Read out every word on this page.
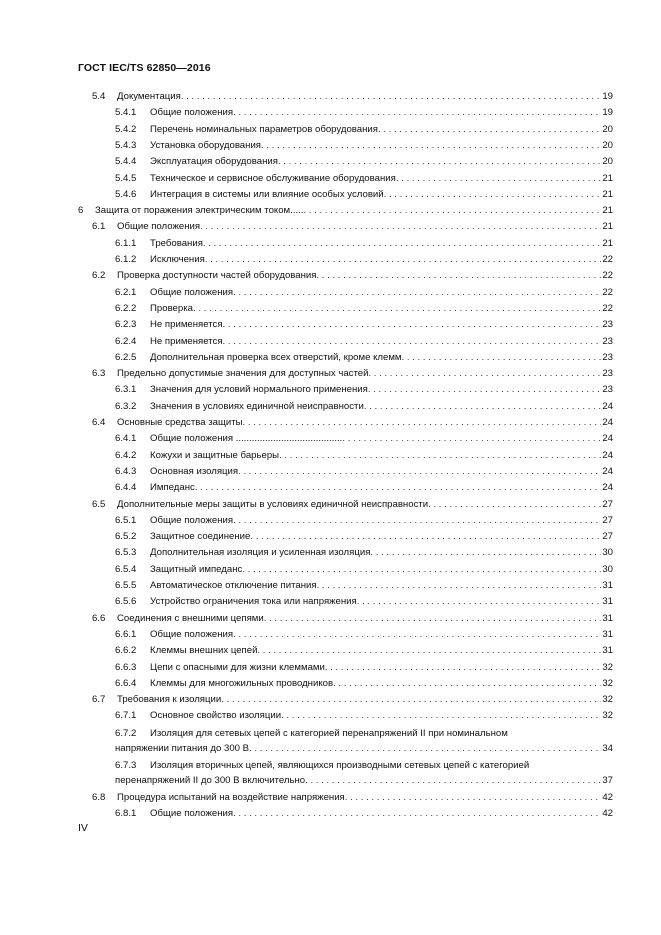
ГОСТ IEC/TS 62850—2016
5.4	Документация . . .	19
5.4.1	Общие положения . . .	19
5.4.2	Перечень номинальных параметров оборудования . . .	20
5.4.3	Установка оборудования . . .	20
5.4.4	Эксплуатация оборудования . . .	20
5.4.5	Техническое и сервисное обслуживание оборудования . . .	21
5.4.6	Интеграция в системы или влияние особых условий . . .	21
6	Защита от поражения электрическим током..... . . .	21
6.1	Общие положения . . .	21
6.1.1	Требования . . .	21
6.1.2	Исключения . . .	22
6.2	Проверка доступности частей оборудования . . .	22
6.2.1	Общие положения . . .	22
6.2.2	Проверка . . .	22
6.2.3	Не применяется . . .	23
6.2.4	Не применяется . . .	23
6.2.5	Дополнительная проверка всех отверстий, кроме клемм . . .	23
6.3	Предельно допустимые значения для доступных частей . . .	23
6.3.1	Значения для условий нормального применения . . .	23
6.3.2	Значения в условиях единичной неисправности . . .	24
6.4	Основные средства защиты . . .	24
6.4.1	Общие положения ........................................ . . .	24
6.4.2	Кожухи и защитные барьеры . . .	24
6.4.3	Основная изоляция . . .	24
6.4.4	Импеданс . . .	24
6.5	Дополнительные меры защиты в условиях единичной неисправности . . .	27
6.5.1	Общие положения . . .	27
6.5.2	Защитное соединение . . .	27
6.5.3	Дополнительная изоляция и усиленная изоляция . . .	30
6.5.4	Защитный импеданс . . .	30
6.5.5	Автоматическое отключение питания . . .	31
6.5.6	Устройство ограничения тока или напряжения . . .	31
6.6	Соединения с внешними цепями . . .	31
6.6.1	Общие положения . . .	31
6.6.2	Клеммы внешних цепей . . .	31
6.6.3	Цепи с опасными для жизни клеммами . . .	32
6.6.4	Клеммы для многожильных проводников . . .	32
6.7	Требования к изоляции . . .	32
6.7.1	Основное свойство изоляции . . .	32
6.7.2 Изоляция для сетевых цепей с категорией перенапряжений II при номинальном
напряжении питания до 300 В . . .	34
6.7.3 Изоляция вторичных цепей, являющихся производными сетевых цепей с категорией
перенапряжений II до 300 В включительно . . .	37
6.8	Процедура испытаний на воздействие напряжения . . .	42
6.8.1	Общие положения . . .	42
IV
